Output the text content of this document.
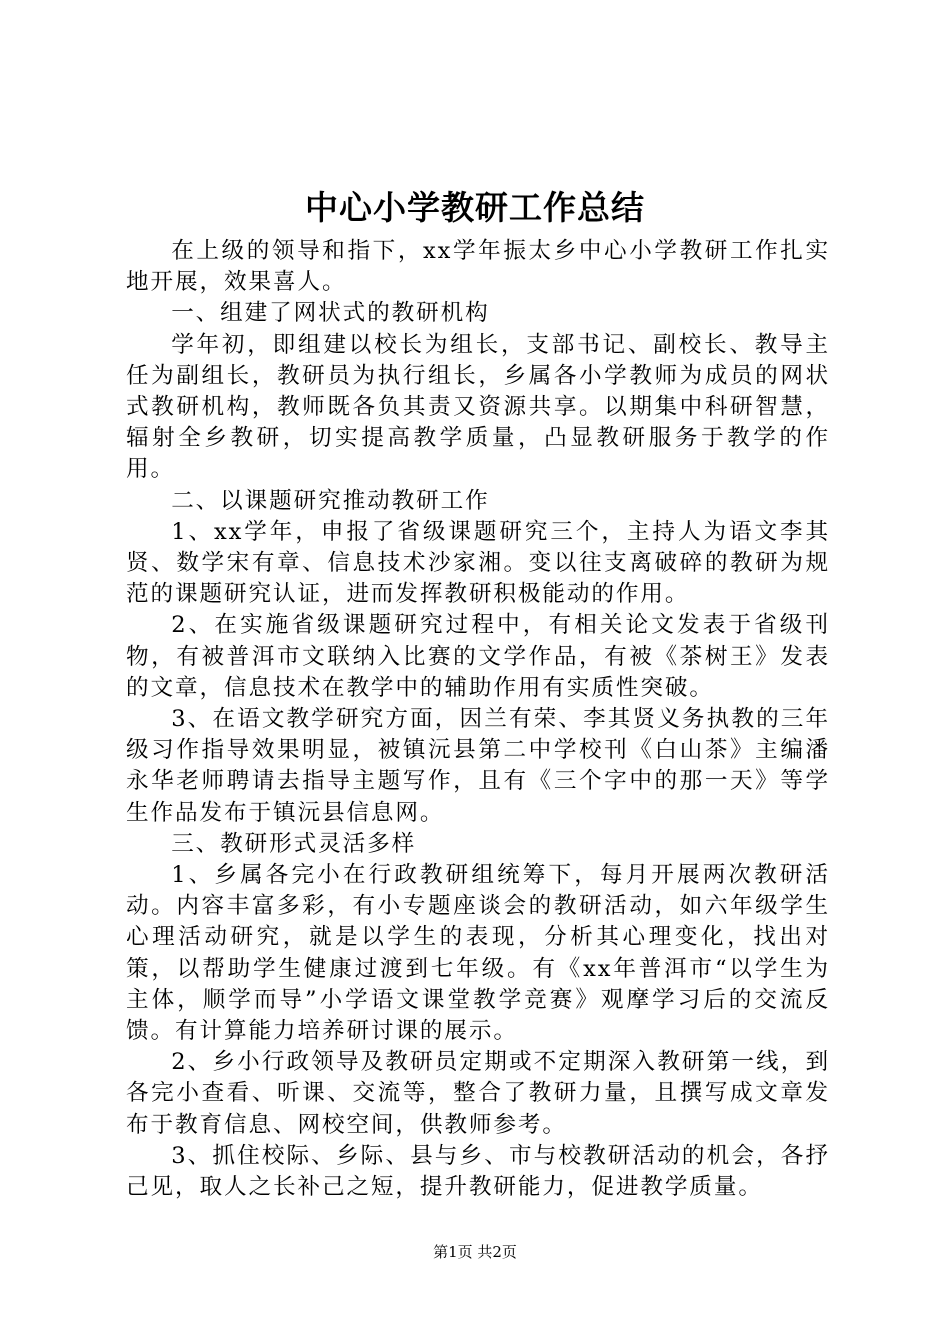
中心小学教研工作总结

在上级的领导和指下，xx学年振太乡中心小学教研工作扎实地开展，效果喜人。

一、组建了网状式的教研机构

学年初，即组建以校长为组长，支部书记、副校长、教导主任为副组长，教研员为执行组长，乡属各小学教师为成员的网状式教研机构，教师既各负其责又资源共享。以期集中科研智慧，辐射全乡教研，切实提高教学质量，凸显教研服务于教学的作用。

二、以课题研究推动教研工作

1、xx学年，申报了省级课题研究三个，主持人为语文李其贤、数学宋有章、信息技术沙家湘。变以往支离破碎的教研为规范的课题研究认证，进而发挥教研积极能动的作用。

2、在实施省级课题研究过程中，有相关论文发表于省级刊物，有被普洱市文联纳入比赛的文学作品，有被《茶树王》发表的文章，信息技术在教学中的辅助作用有实质性突破。

3、在语文教学研究方面，因兰有荣、李其贤义务执教的三年级习作指导效果明显，被镇沅县第二中学校刊《白山茶》主编潘永华老师聘请去指导主题写作，且有《三个字中的那一天》等学生作品发布于镇沅县信息网。

三、教研形式灵活多样

1、乡属各完小在行政教研组统筹下，每月开展两次教研活动。内容丰富多彩，有小专题座谈会的教研活动，如六年级学生心理活动研究，就是以学生的表现，分析其心理变化，找出对策，以帮助学生健康过渡到七年级。有《xx年普洱市“以学生为主体，顺学而导”小学语文课堂教学竞赛》观摩学习后的交流反馈。有计算能力培养研讨课的展示。

2、乡小行政领导及教研员定期或不定期深入教研第一线，到各完小查看、听课、交流等，整合了教研力量，且撰写成文章发布于教育信息、网校空间，供教师参考。

3、抓住校际、乡际、县与乡、市与校教研活动的机会，各抒己见，取人之长补己之短，提升教研能力，促进教学质量。

第1页 共2页
